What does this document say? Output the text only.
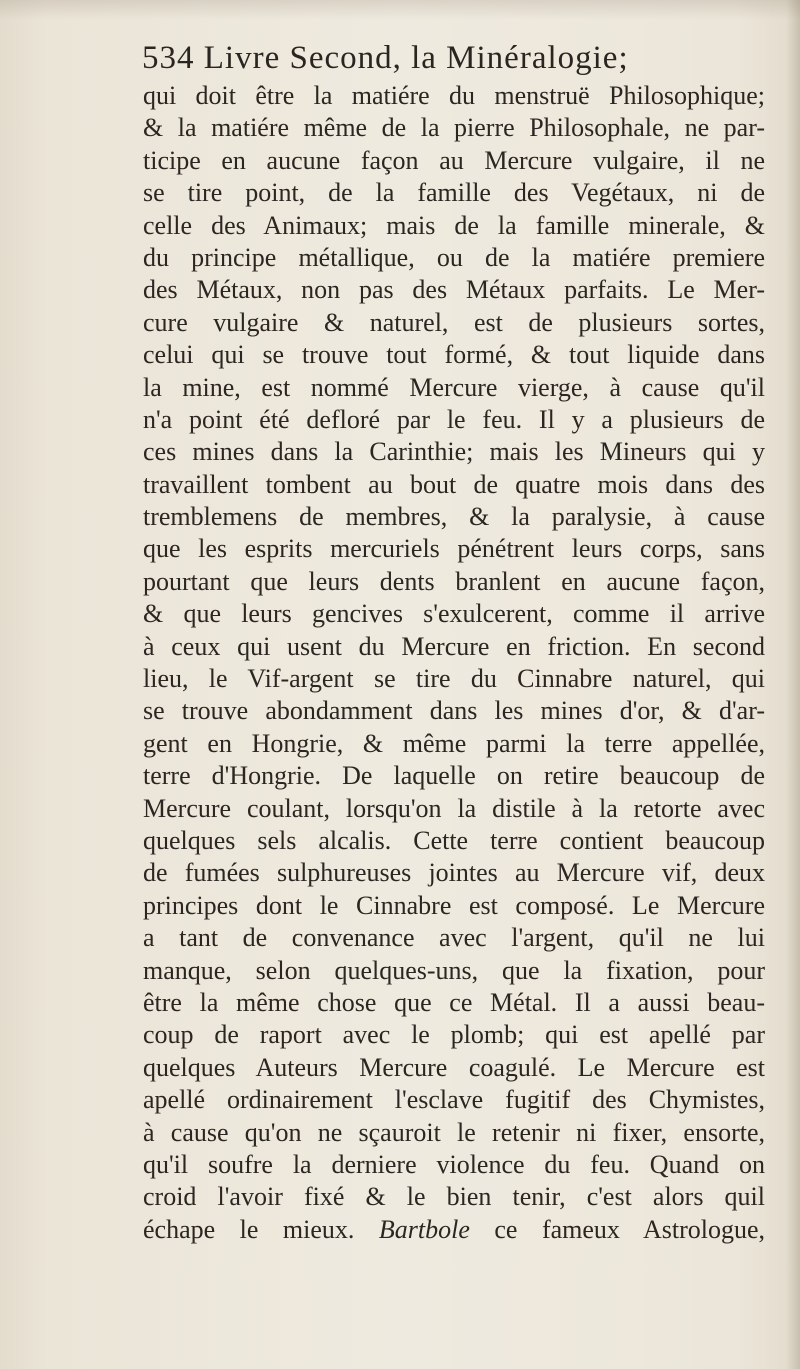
534 Livre Second, la Minéralogie;
qui doit être la matiére du menstruë Philosophique;
& la matiére même de la pierre Philosophale, ne par-
ticipe en aucune façon au Mercure vulgaire, il ne
se tire point, de la famille des Vegétaux, ni de
celle des Animaux; mais de la famille minerale, &
du principe métallique, ou de la matiére premiere
des Métaux, non pas des Métaux parfaits. Le Mer-
cure vulgaire & naturel, est de plusieurs sortes,
celui qui se trouve tout formé, & tout liquide dans
la mine, est nommé Mercure vierge, à cause qu'il
n'a point été defloré par le feu. Il y a plusieurs de
ces mines dans la Carinthie; mais les Mineurs qui y
travaillent tombent au bout de quatre mois dans des
tremblemens de membres, & la paralysie, à cause
que les esprits mercuriels pénétrent leurs corps, sans
pourtant que leurs dents branlent en aucune façon,
& que leurs gencives s'exulcerent, comme il arrive
à ceux qui usent du Mercure en friction. En second
lieu, le Vif-argent se tire du Cinnabre naturel, qui
se trouve abondamment dans les mines d'or, & d'ar-
gent en Hongrie, & même parmi la terre appellée,
terre d'Hongrie. De laquelle on retire beaucoup de
Mercure coulant, lorsqu'on la distile à la retorte avec
quelques sels alcalis. Cette terre contient beaucoup
de fumées sulphureuses jointes au Mercure vif, deux
principes dont le Cinnabre est composé. Le Mercure
a tant de convenance avec l'argent, qu'il ne lui
manque, selon quelques-uns, que la fixation, pour
être la même chose que ce Métal. Il a aussi beau-
coup de raport avec le plomb; qui est apellé par
quelques Auteurs Mercure coagulé. Le Mercure est
apellé ordinairement l'esclave fugitif des Chymistes,
à cause qu'on ne sçauroit le retenir ni fixer, ensorte,
qu'il soufre la derniere violence du feu. Quand on
croid l'avoir fixé & le bien tenir, c'est alors quil
échape le mieux. Bartbole ce fameux Astrologue,
